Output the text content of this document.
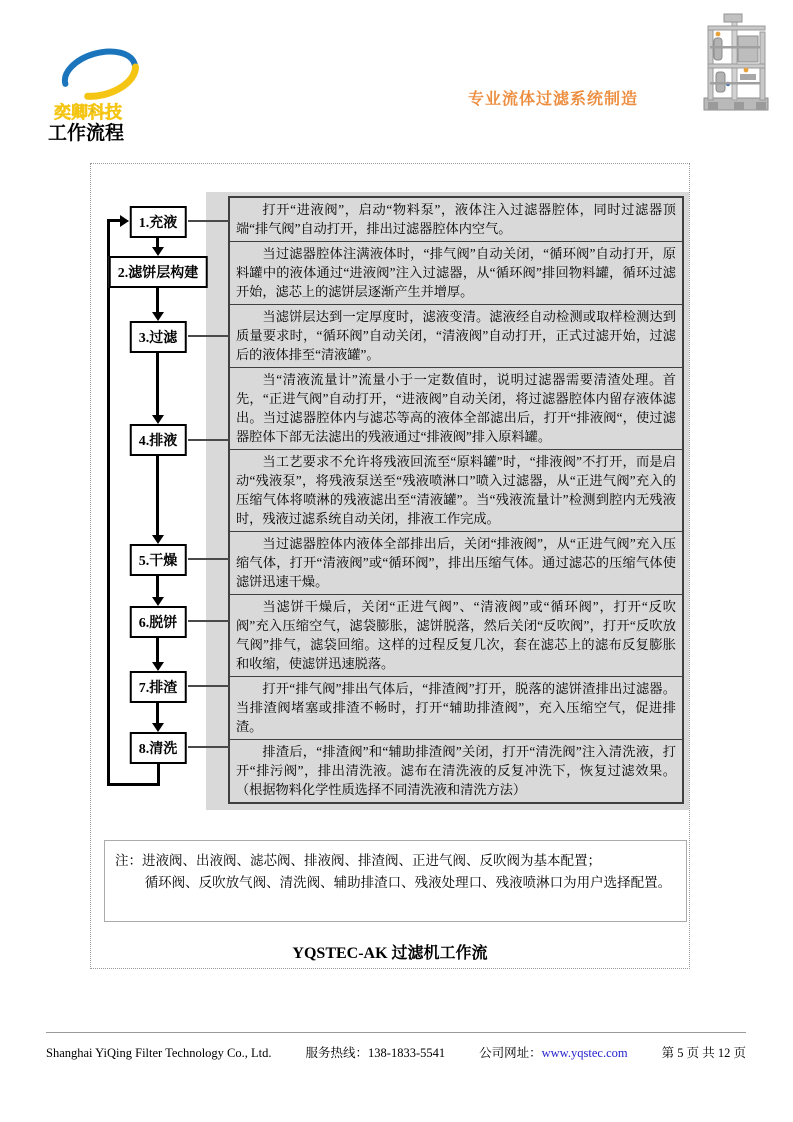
奕卿科技
专业流体过滤系统制造
工作流程
1.充液
2.滤饼层构建
3.过滤
4.排液
5.干燥
6.脱饼
7.排渣
8.清洗
打开“进液阀”，启动“物料泵”，液体注入过滤器腔体，同时过滤器顶端“排气阀”自动打开，排出过滤器腔体内空气。
当过滤器腔体注满液体时，“排气阀”自动关闭，“循环阀”自动打开，原料罐中的液体通过“进液阀”注入过滤器，从“循环阀”排回物料罐，循环过滤开始，滤芯上的滤饼层逐渐产生并增厚。
当滤饼层达到一定厚度时，滤液变清。滤液经自动检测或取样检测达到质量要求时，“循环阀”自动关闭，“清液阀”自动打开，正式过滤开始，过滤后的液体排至“清液罐”。
当“清液流量计”流量小于一定数值时，说明过滤器需要清渣处理。首先，“正进气阀”自动打开，“进液阀”自动关闭，将过滤器腔体内留存液体滤出。当过滤器腔体内与滤芯等高的液体全部滤出后，打开“排液阀“，使过滤器腔体下部无法滤出的残液通过“排液阀”排入原料罐。
当工艺要求不允许将残液回流至“原料罐”时，“排液阀”不打开，而是启动“残液泵”，将残液泵送至“残液喷淋口”喷入过滤器，从“正进气阀”充入的压缩气体将喷淋的残液滤出至“清液罐”。当“残液流量计”检测到腔内无残液时，残液过滤系统自动关闭，排液工作完成。
当过滤器腔体内液体全部排出后，关闭“排液阀”，从“正进气阀”充入压缩气体，打开“清液阀”或“循环阀”，排出压缩气体。通过滤芯的压缩气体使滤饼迅速干燥。
当滤饼干燥后，关闭“正进气阀”、“清液阀”或“循环阀”，打开“反吹阀”充入压缩空气，滤袋膨胀，滤饼脱落，然后关闭“反吹阀”，打开“反吹放气阀”排气，滤袋回缩。这样的过程反复几次，套在滤芯上的滤布反复膨胀和收缩，使滤饼迅速脱落。
打开“排气阀”排出气体后，“排渣阀”打开，脱落的滤饼渣排出过滤器。当排渣阀堵塞或排渣不畅时，打开“辅助排渣阀”，充入压缩空气，促进排渣。
排渣后，“排渣阀”和“辅助排渣阀”关闭，打开“清洗阀”注入清洗液，打开“排污阀”，排出清洗液。滤布在清洗液的反复冲洗下，恢复过滤效果。（根据物料化学性质选择不同清洗液和清洗方法）
注：进液阀、出液阀、滤芯阀、排液阀、排渣阀、正进气阀、反吹阀为基本配置；
循环阀、反吹放气阀、清洗阀、辅助排渣口、残液处理口、残液喷淋口为用户选择配置。
YQSTEC-AK 过滤机工作流
Shanghai YiQing Filter Technology Co., Ltd.	服务热线：138-1833-5541	公司网址：www.yqstec.com	第 5 页 共 12 页
